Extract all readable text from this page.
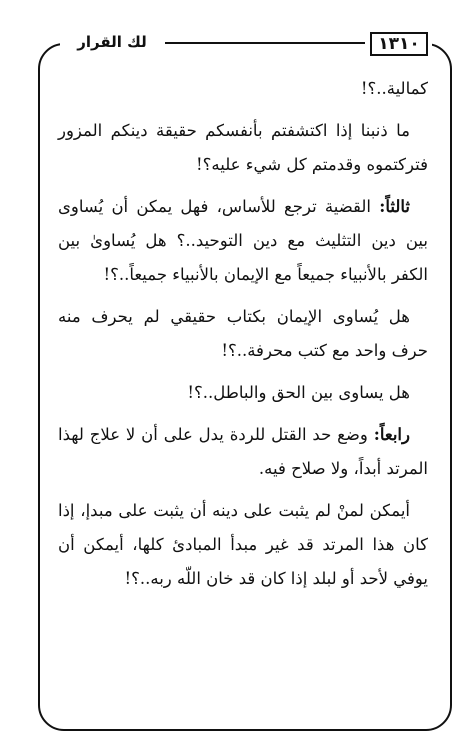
١٣١٠
لك القرار

كمالية..؟!

ما ذنبنا إذا اكتشفتم بأنفسكم حقيقة دينكم المزور فتركتموه وقدمتم كل شيء عليه؟!

ثالثاً: القضية ترجع للأساس، فهل يمكن أن يُساوى بين دين التثليث مع دين التوحيد..؟ هل يُساوىٰ بين الكفر بالأنبياء جميعاً مع الإيمان بالأنبياء جميعاً..؟!

هل يُساوى الإيمان بكتاب حقيقي لم يحرف منه حرف واحد مع كتب محرفة..؟!

هل يساوى بين الحق والباطل..؟!

رابعاً: وضع حد القتل للردة يدل على أن لا علاج لهذا المرتد أبداً، ولا صلاح فيه.

أيمكن لمنْ لم يثبت على دينه أن يثبت على مبدإ، إذا كان هذا المرتد قد غير مبدأ المبادئ كلها، أيمكن أن يوفي لأحد أو لبلد إذا كان قد خان اللّه ربه..؟!
